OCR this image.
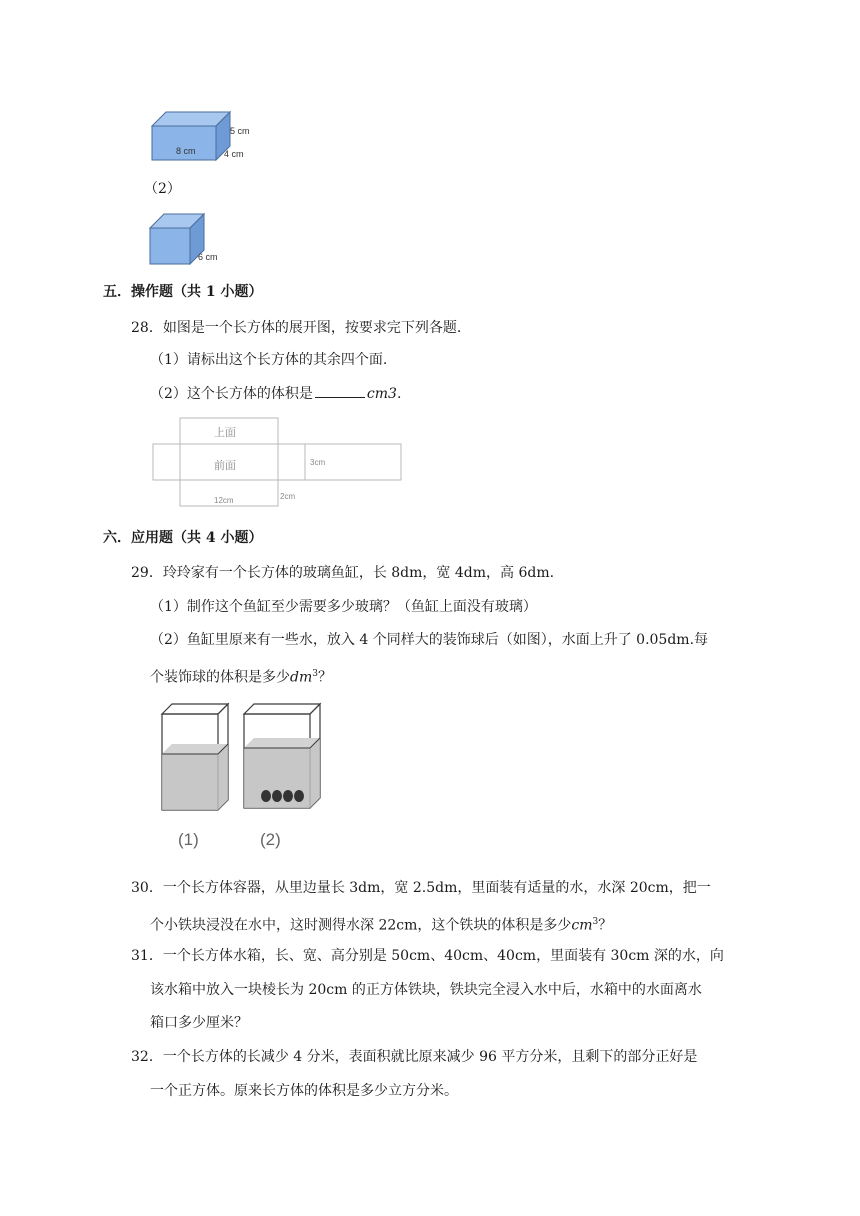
8 cm
5 cm
4 cm
（2）
6 cm
五．操作题（共 1 小题）
28．如图是一个长方体的展开图，按要求完下列各题.
（1）请标出这个长方体的其余四个面.
（2）这个长方体的体积是	cm3.
上面
前面	3cm
12cm	2cm
六．应用题（共 4 小题）
29．玲玲家有一个长方体的玻璃鱼缸，长 8dm，宽 4dm，高 6dm.
（1）制作这个鱼缸至少需要多少玻璃？（鱼缸上面没有玻璃）
（2）鱼缸里原来有一些水，放入 4 个同样大的装饰球后（如图），水面上升了 0.05dm.每
个装饰球的体积是多少$dm^3$？
(1)	(2)
30．一个长方体容器，从里边量长 3dm，宽 2.5dm，里面装有适量的水，水深 20cm，把一
个小铁块浸没在水中，这时测得水深 22cm，这个铁块的体积是多少$cm^3$？
31．一个长方体水箱，长、宽、高分别是 50cm、40cm、40cm，里面装有 30cm 深的水，向
该水箱中放入一块棱长为 20cm 的正方体铁块，铁块完全浸入水中后，水箱中的水面离水
箱口多少厘米？
32．一个长方体的长减少 4 分米，表面积就比原来减少 96 平方分米，且剩下的部分正好是
一个正方体。原来长方体的体积是多少立方分米。
